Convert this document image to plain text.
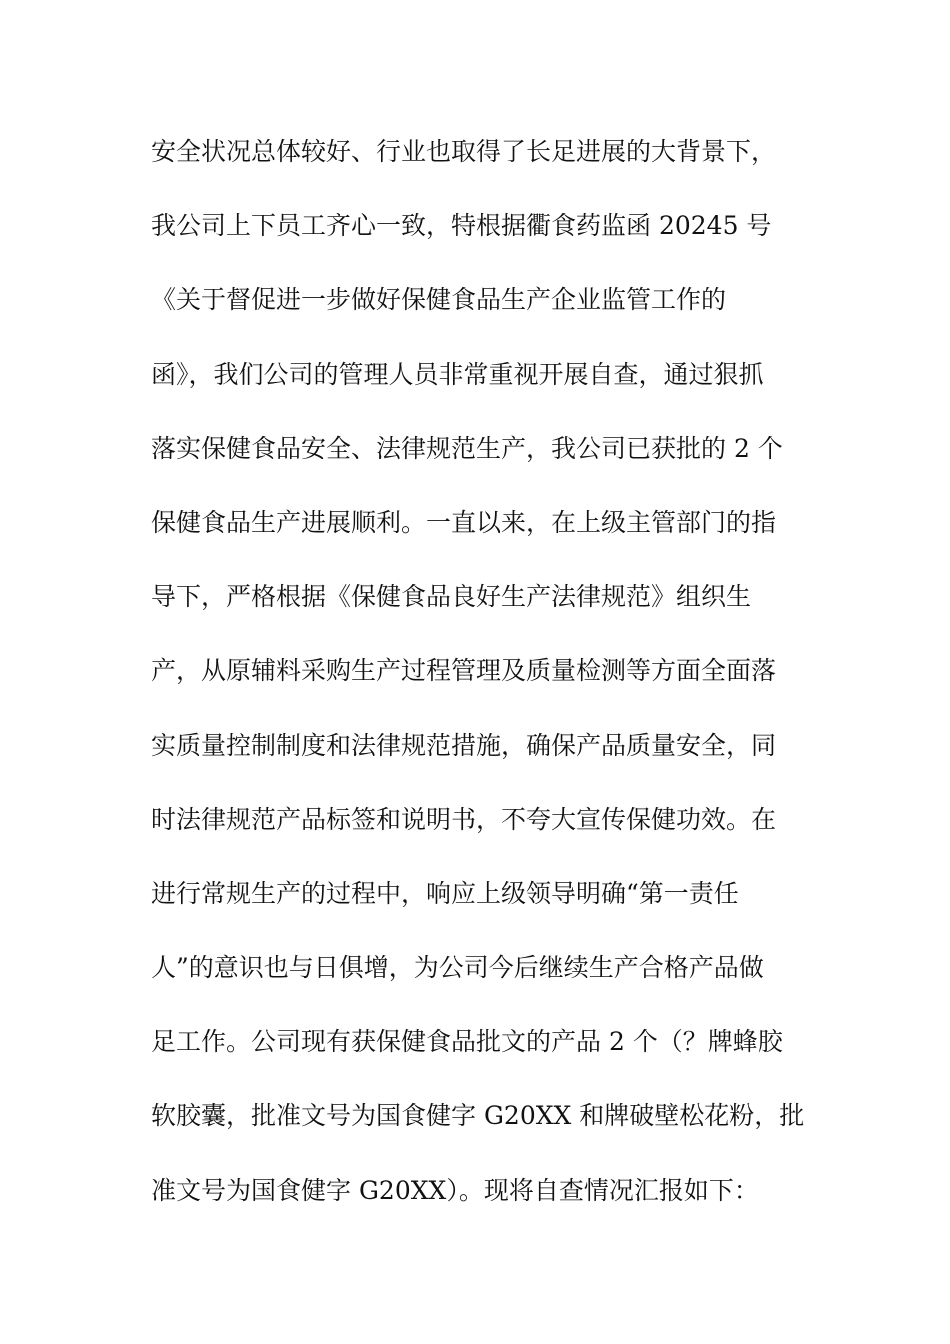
安全状况总体较好、行业也取得了长足进展的大背景下，
我公司上下员工齐心一致，特根据衢食药监函 20245 号
《关于督促进一步做好保健食品生产企业监管工作的
函》，我们公司的管理人员非常重视开展自查，通过狠抓
落实保健食品安全、法律规范生产，我公司已获批的 2 个
保健食品生产进展顺利。一直以来，在上级主管部门的指
导下，严格根据《保健食品良好生产法律规范》组织生
产，从原辅料采购生产过程管理及质量检测等方面全面落
实质量控制制度和法律规范措施，确保产品质量安全，同
时法律规范产品标签和说明书，不夸大宣传保健功效。在
进行常规生产的过程中，响应上级领导明确“第一责任
人”的意识也与日俱增，为公司今后继续生产合格产品做
足工作。公司现有获保健食品批文的产品 2 个（？牌蜂胶
软胶囊，批准文号为国食健字 G20XX 和牌破壁松花粉，批
准文号为国食健字 G20XX）。现将自查情况汇报如下：
